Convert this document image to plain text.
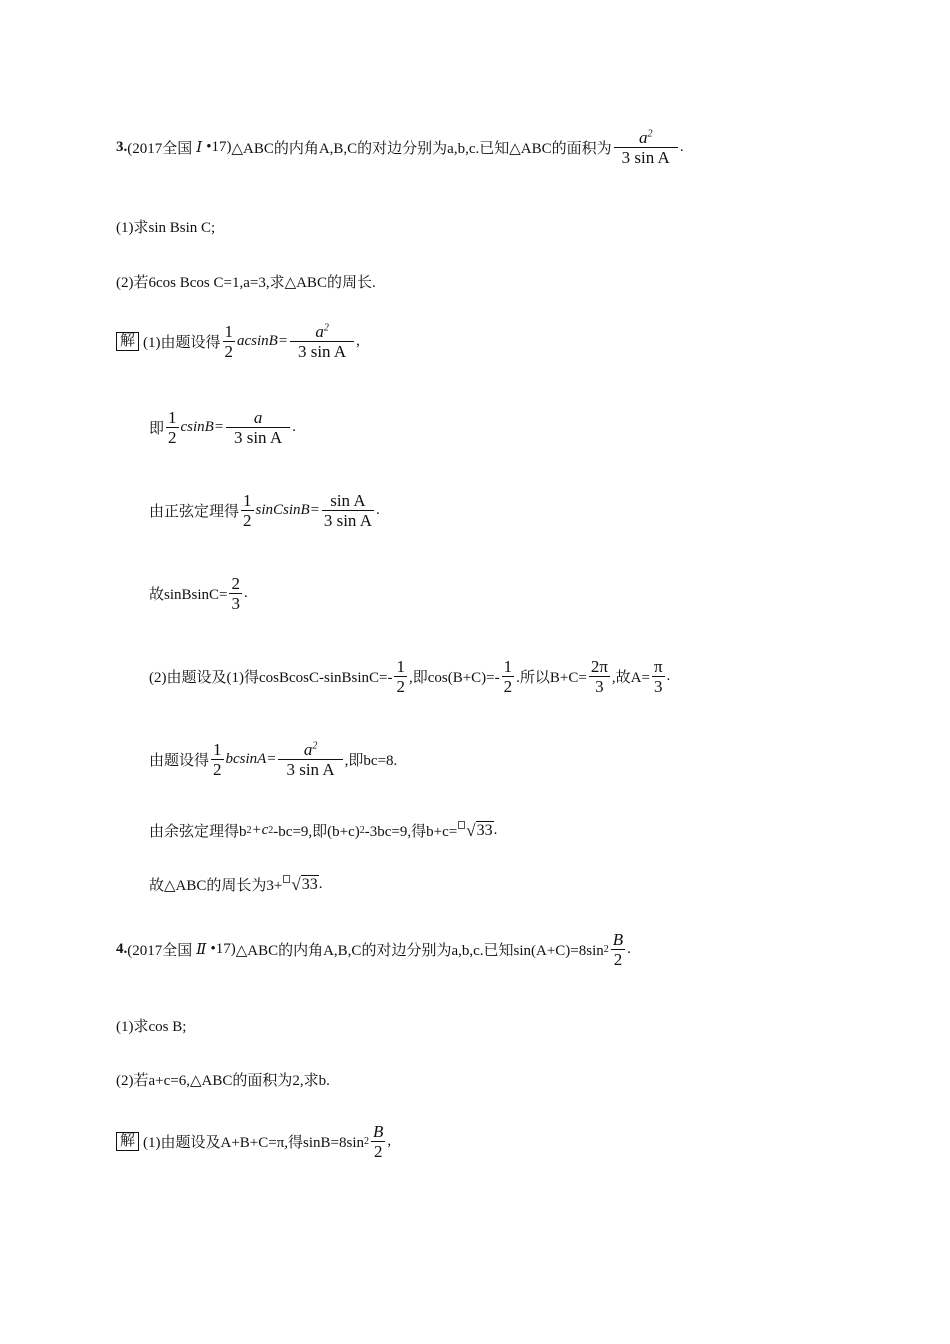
3. (2017全国 Ⅰ • 17) △ABC的内角A,B,C的对边分别为a,b,c.已知△ABC的面积为 $\frac{a^2}{\text{3 sin A}}$ .
(1)求sin Bsin C;
(2)若6cos Bcos C=1,a=3,求△ABC的周长.
解 (1)由题设得 $\frac{1}{2} acsinB= \frac{a^2}{\text{3 sin A}}$ ,
即 $\frac{1}{2} csinB= \frac{a}{\text{3 sin A}}$ .
由正弦定理得 $\frac{1}{2}$ sinCsinB= $\frac{\text{sin A}}{\text{3 sin A}}$ .
故sinBsinC= $\frac{2}{3}$ .
(2)由题设及(1)得cosBcosC-sinBsinC=- $\frac{1}{2}$ ,即$\cos(B+C)=- \frac{1}{2}$ .所以$B+C= \frac{2\pi}{3}$ ,故$A= \frac{\pi}{3}$ .
由题设得 $\frac{1}{2} bcsinA= \frac{a^2}{\text{3 sin A}}$ ,即bc=8.
由余弦定理得b 2 +c 2 -bc=9,即(b+c) 2 -3bc=9,得b+c= √ 33 .
故△ABC的周长为3+ √ 33 .
4. (2017全国 Ⅱ • 17) △ABC的内角A,B,C的对边分别为a,b,c.已知sin(A+C)=8sin $2 \frac{B}{2}$ .
(1)求cos B;
(2)若a+c=6,△ABC的面积为2,求b.
解 (1)由题设及A+B+C=π,得sinB=8sin $2 \frac{B}{2}$ ,
